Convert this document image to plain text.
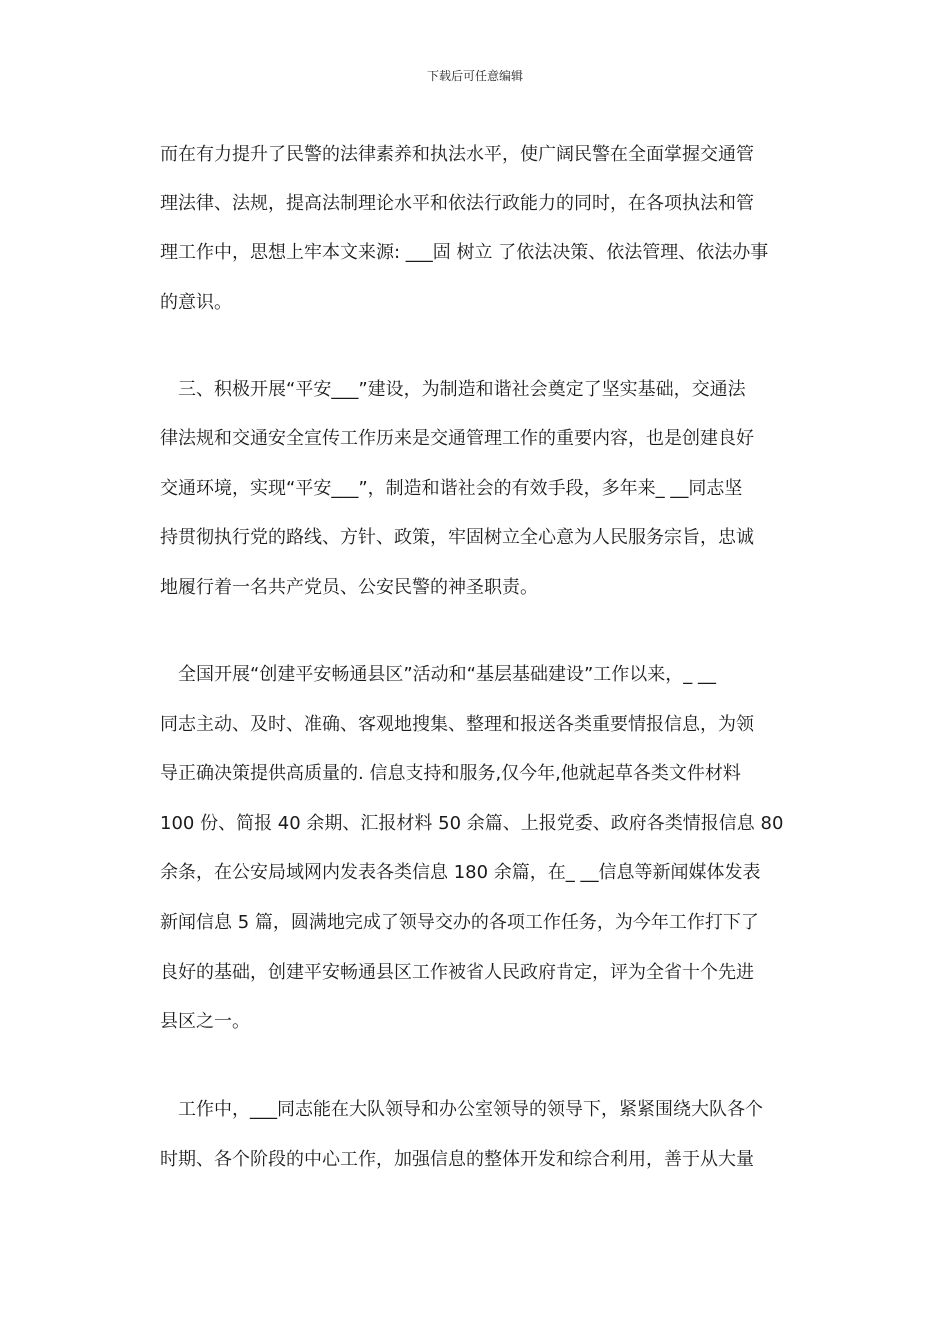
下载后可任意编辑
而在有力提升了民警的法律素养和执法水平，使广阔民警在全面掌握交通管
理法律、法规，提高法制理论水平和依法行政能力的同时，在各项执法和管
理工作中，思想上牢本文来源: ___固 树立 了依法决策、依法管理、依法办事
的意识。
　三、积极开展“平安___”建设，为制造和谐社会奠定了坚实基础，交通法
律法规和交通安全宣传工作历来是交通管理工作的重要内容，也是创建良好
交通环境，实现“平安___”，制造和谐社会的有效手段，多年来_ __同志坚
持贯彻执行党的路线、方针、政策，牢固树立全心意为人民服务宗旨，忠诚
地履行着一名共产党员、公安民警的神圣职责。
　全国开展“创建平安畅通县区”活动和“基层基础建设”工作以来，_ __
同志主动、及时、准确、客观地搜集、整理和报送各类重要情报信息，为领
导正确决策提供高质量的. 信息支持和服务,仅今年,他就起草各类文件材料
100 份、简报 40 余期、汇报材料 50 余篇、上报党委、政府各类情报信息 80
余条，在公安局域网内发表各类信息 180 余篇，在_ __信息等新闻媒体发表
新闻信息 5 篇，圆满地完成了领导交办的各项工作任务，为今年工作打下了
良好的基础，创建平安畅通县区工作被省人民政府肯定，评为全省十个先进
县区之一。
　工作中，___同志能在大队领导和办公室领导的领导下，紧紧围绕大队各个
时期、各个阶段的中心工作，加强信息的整体开发和综合利用，善于从大量
